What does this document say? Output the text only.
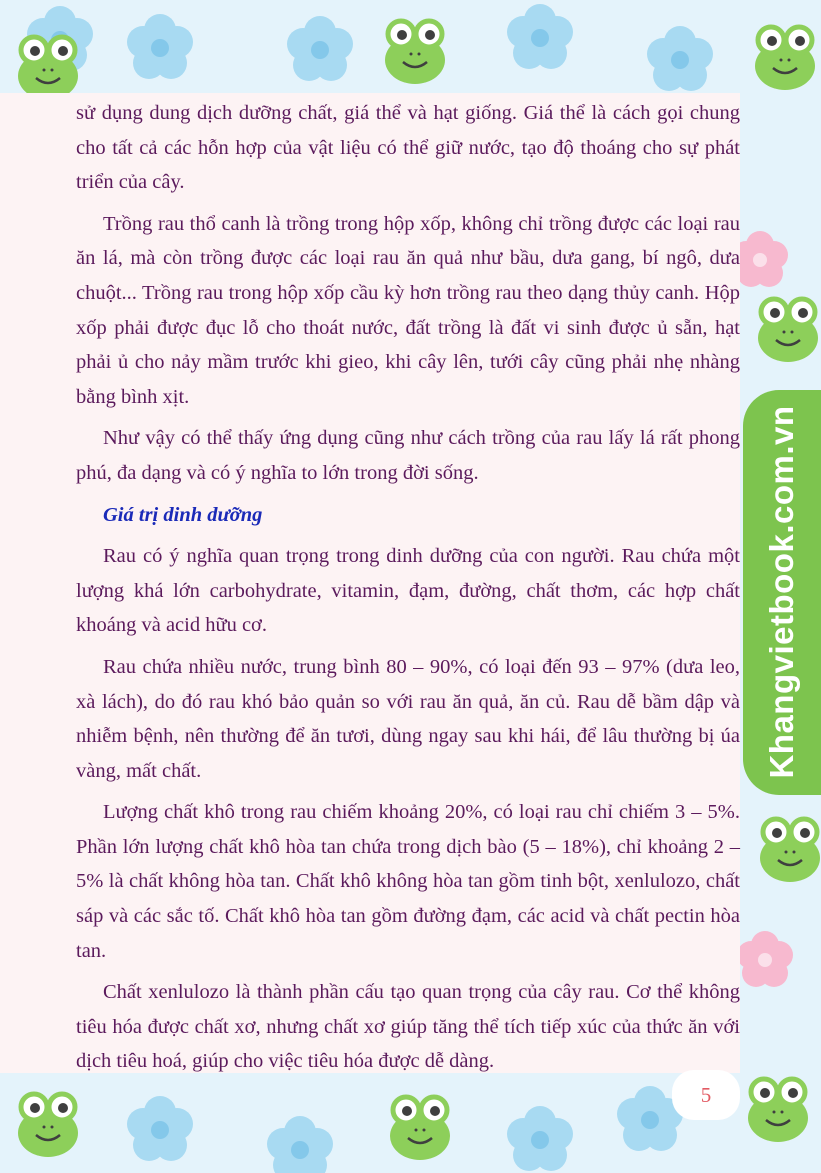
sử dụng dung dịch dưỡng chất, giá thể và hạt giống. Giá thể là cách gọi chung cho tất cả các hỗn hợp của vật liệu có thể giữ nước, tạo độ thoáng cho sự phát triển của cây.

Trồng rau thổ canh là trồng trong hộp xốp, không chỉ trồng được các loại rau ăn lá, mà còn trồng được các loại rau ăn quả như bầu, dưa gang, bí ngô, dưa chuột... Trồng rau trong hộp xốp cầu kỳ hơn trồng rau theo dạng thủy canh. Hộp xốp phải được đục lỗ cho thoát nước, đất trồng là đất vi sinh được ủ sẵn, hạt phải ủ cho nảy mầm trước khi gieo, khi cây lên, tưới cây cũng phải nhẹ nhàng bằng bình xịt.

Như vậy có thể thấy ứng dụng cũng như cách trồng của rau lấy lá rất phong phú, đa dạng và có ý nghĩa to lớn trong đời sống.

Giá trị dinh dưỡng

Rau có ý nghĩa quan trọng trong dinh dưỡng của con người. Rau chứa một lượng khá lớn carbohydrate, vitamin, đạm, đường, chất thơm, các hợp chất khoáng và acid hữu cơ.

Rau chứa nhiều nước, trung bình 80 – 90%, có loại đến 93 – 97% (dưa leo, xà lách), do đó rau khó bảo quản so với rau ăn quả, ăn củ. Rau dễ bầm dập và nhiễm bệnh, nên thường để ăn tươi, dùng ngay sau khi hái, để lâu thường bị úa vàng, mất chất.

Lượng chất khô trong rau chiếm khoảng 20%, có loại rau chỉ chiếm 3 – 5%. Phần lớn lượng chất khô hòa tan chứa trong dịch bào (5 – 18%), chỉ khoảng 2 – 5% là chất không hòa tan. Chất khô không hòa tan gồm tinh bột, xenlulozo, chất sáp và các sắc tố. Chất khô hòa tan gồm đường đạm, các acid và chất pectin hòa tan.

Chất xenlulozo là thành phần cấu tạo quan trọng của cây rau. Cơ thể không tiêu hóa được chất xơ, nhưng chất xơ giúp tăng thể tích tiếp xúc của thức ăn với dịch tiêu hoá, giúp cho việc tiêu hóa được dễ dàng.

Khangvietbook.com.vn
5
